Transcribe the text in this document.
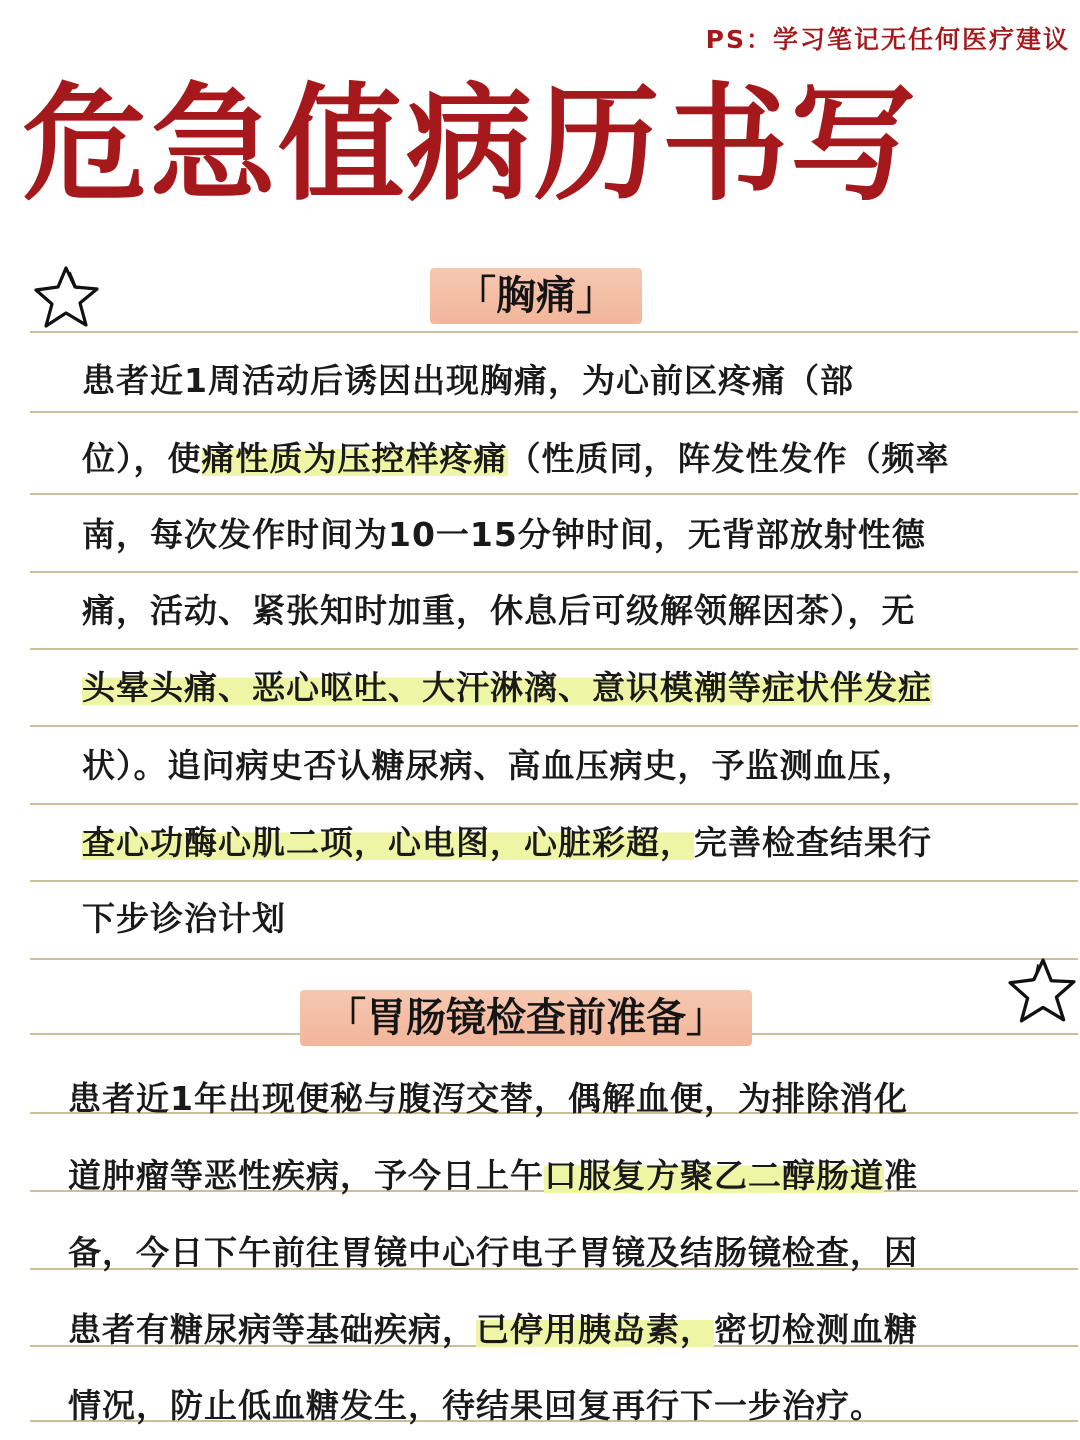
PS：学习笔记无任何医疗建议
危急值病历书写
「胸痛」
患者近1周活动后诱因出现胸痛，为心前区疼痛（部
位），使痛性质为压控样疼痛（性质同，阵发性发作（频率
南，每次发作时间为10一15分钟时间，无背部放射性德
痛，活动、紧张知时加重，休息后可级解领解因茶），无
头晕头痛、恶心呕吐、大汗淋漓、意识模潮等症状伴发症
状）。追问病史否认糖尿病、高血压病史，予监测血压，
查心功酶心肌二项，心电图，心脏彩超，完善检查结果行
下步诊治计划
「胃肠镜检查前准备」
患者近1年出现便秘与腹泻交替，偶解血便，为排除消化
道肿瘤等恶性疾病，予今日上午口服复方聚乙二醇肠道准
备，今日下午前往胃镜中心行电子胃镜及结肠镜检查，因
患者有糖尿病等基础疾病，已停用胰岛素，密切检测血糖
情况，防止低血糖发生，待结果回复再行下一步治疗。
